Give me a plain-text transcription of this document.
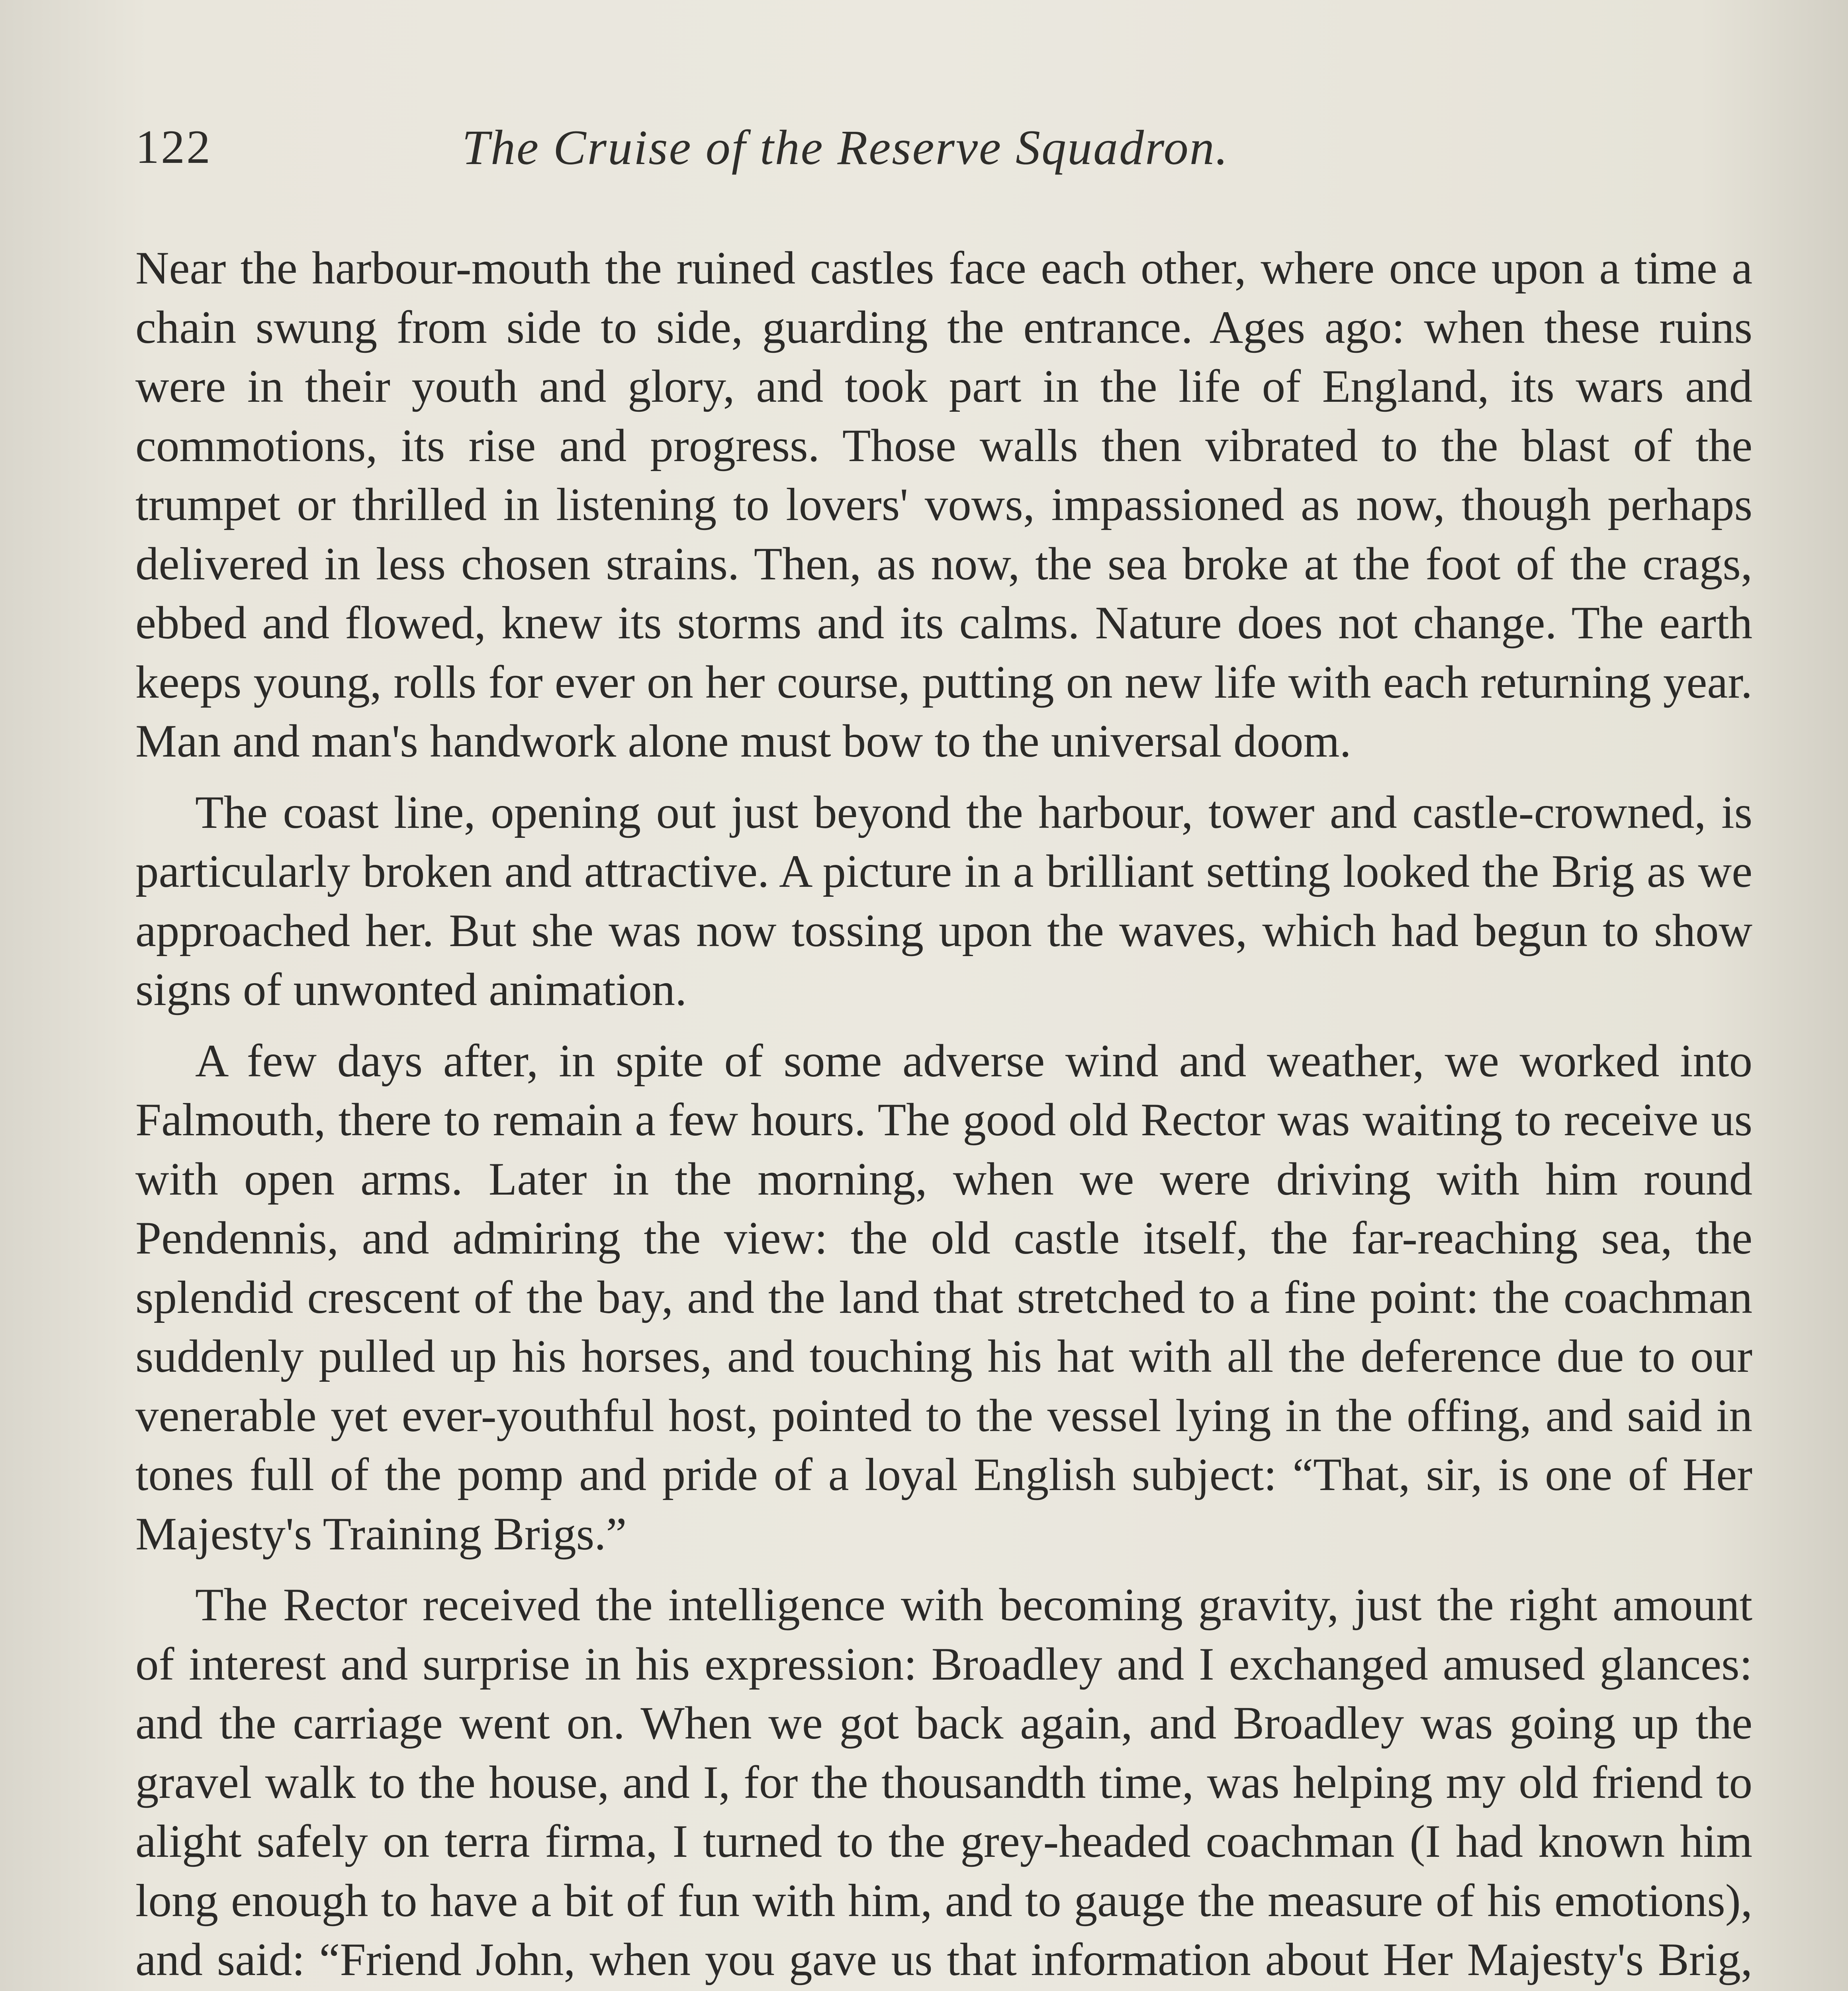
122	The Cruise of the Reserve Squadron.

Near the harbour-mouth the ruined castles face each other, where once upon a time a chain swung from side to side, guarding the entrance. Ages ago: when these ruins were in their youth and glory, and took part in the life of England, its wars and commotions, its rise and progress. Those walls then vibrated to the blast of the trumpet or thrilled in listening to lovers' vows, impassioned as now, though perhaps delivered in less chosen strains. Then, as now, the sea broke at the foot of the crags, ebbed and flowed, knew its storms and its calms. Nature does not change. The earth keeps young, rolls for ever on her course, putting on new life with each returning year. Man and man's handwork alone must bow to the universal doom.

The coast line, opening out just beyond the harbour, tower and castle-crowned, is particularly broken and attractive. A picture in a brilliant setting looked the Brig as we approached her. But she was now tossing upon the waves, which had begun to show signs of unwonted animation.

A few days after, in spite of some adverse wind and weather, we worked into Falmouth, there to remain a few hours. The good old Rector was waiting to receive us with open arms. Later in the morning, when we were driving with him round Pendennis, and admiring the view: the old castle itself, the far-reaching sea, the splendid crescent of the bay, and the land that stretched to a fine point: the coachman suddenly pulled up his horses, and touching his hat with all the deference due to our venerable yet ever-youthful host, pointed to the vessel lying in the offing, and said in tones full of the pomp and pride of a loyal English subject: “That, sir, is one of Her Majesty's Training Brigs.”

The Rector received the intelligence with becoming gravity, just the right amount of interest and surprise in his expression: Broadley and I exchanged amused glances: and the carriage went on. When we got back again, and Broadley was going up the gravel walk to the house, and I, for the thousandth time, was helping my old friend to alight safely on terra firma, I turned to the grey-headed coachman (I had known him long enough to have a bit of fun with him, and to gauge the measure of his emotions), and said: “Friend John, when you gave us that information about Her Majesty's Brig,
